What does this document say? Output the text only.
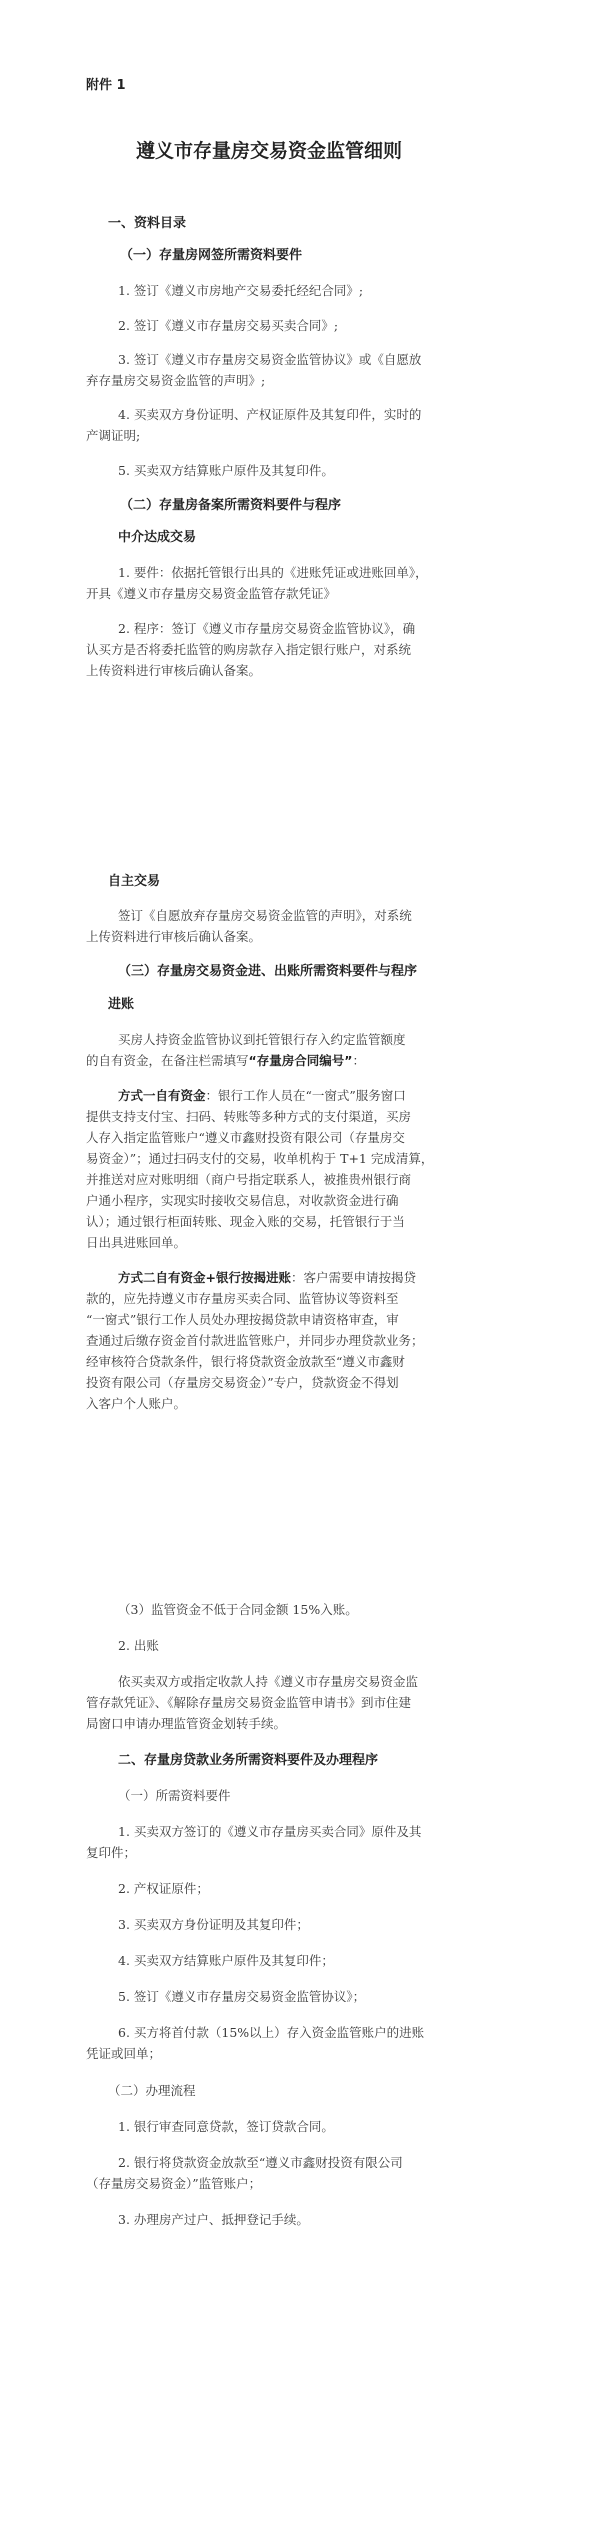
附件 1
遵义市存量房交易资金监管细则
一、资料目录
（一）存量房网签所需资料要件
1. 签订《遵义市房地产交易委托经纪合同》;
2. 签订《遵义市存量房交易买卖合同》;
3. 签订《遵义市存量房交易资金监管协议》或《自愿放
弃存量房交易资金监管的声明》;
4. 买卖双方身份证明、产权证原件及其复印件，实时的
产调证明;
5. 买卖双方结算账户原件及其复印件。
（二）存量房备案所需资料要件与程序
中介达成交易
1. 要件：依据托管银行出具的《进账凭证或进账回单》，
开具《遵义市存量房交易资金监管存款凭证》
2. 程序：签订《遵义市存量房交易资金监管协议》，确
认买方是否将委托监管的购房款存入指定银行账户，对系统
上传资料进行审核后确认备案。
自主交易
签订《自愿放弃存量房交易资金监管的声明》，对系统
上传资料进行审核后确认备案。
（三）存量房交易资金进、出账所需资料要件与程序
进账
买房人持资金监管协议到托管银行存入约定监管额度
的自有资金，在备注栏需填写“存量房合同编号”：
方式一自有资金：银行工作人员在“一窗式”服务窗口
提供支持支付宝、扫码、转账等多种方式的支付渠道，买房
人存入指定监管账户“遵义市鑫财投资有限公司（存量房交
易资金）”；通过扫码支付的交易，收单机构于 T+1 完成清算，
并推送对应对账明细（商户号指定联系人，被推贵州银行商
户通小程序，实现实时接收交易信息，对收款资金进行确
认）；通过银行柜面转账、现金入账的交易，托管银行于当
日出具进账回单。
方式二自有资金+银行按揭进账：客户需要申请按揭贷
款的，应先持遵义市存量房买卖合同、监管协议等资料至
“一窗式”银行工作人员处办理按揭贷款申请资格审查，审
查通过后缴存资金首付款进监管账户，并同步办理贷款业务；
经审核符合贷款条件，银行将贷款资金放款至“遵义市鑫财
投资有限公司（存量房交易资金）”专户，贷款资金不得划
入客户个人账户。
（3）监管资金不低于合同金额 15%入账。
2. 出账
依买卖双方或指定收款人持《遵义市存量房交易资金监
管存款凭证》、《解除存量房交易资金监管申请书》到市住建
局窗口申请办理监管资金划转手续。
二、存量房贷款业务所需资料要件及办理程序
（一）所需资料要件
1. 买卖双方签订的《遵义市存量房买卖合同》原件及其
复印件；
2. 产权证原件；
3. 买卖双方身份证明及其复印件；
4. 买卖双方结算账户原件及其复印件；
5. 签订《遵义市存量房交易资金监管协议》；
6. 买方将首付款（15%以上）存入资金监管账户的进账
凭证或回单；
（二）办理流程
1. 银行审查同意贷款，签订贷款合同。
2. 银行将贷款资金放款至“遵义市鑫财投资有限公司
（存量房交易资金）”监管账户；
3. 办理房产过户、抵押登记手续。
